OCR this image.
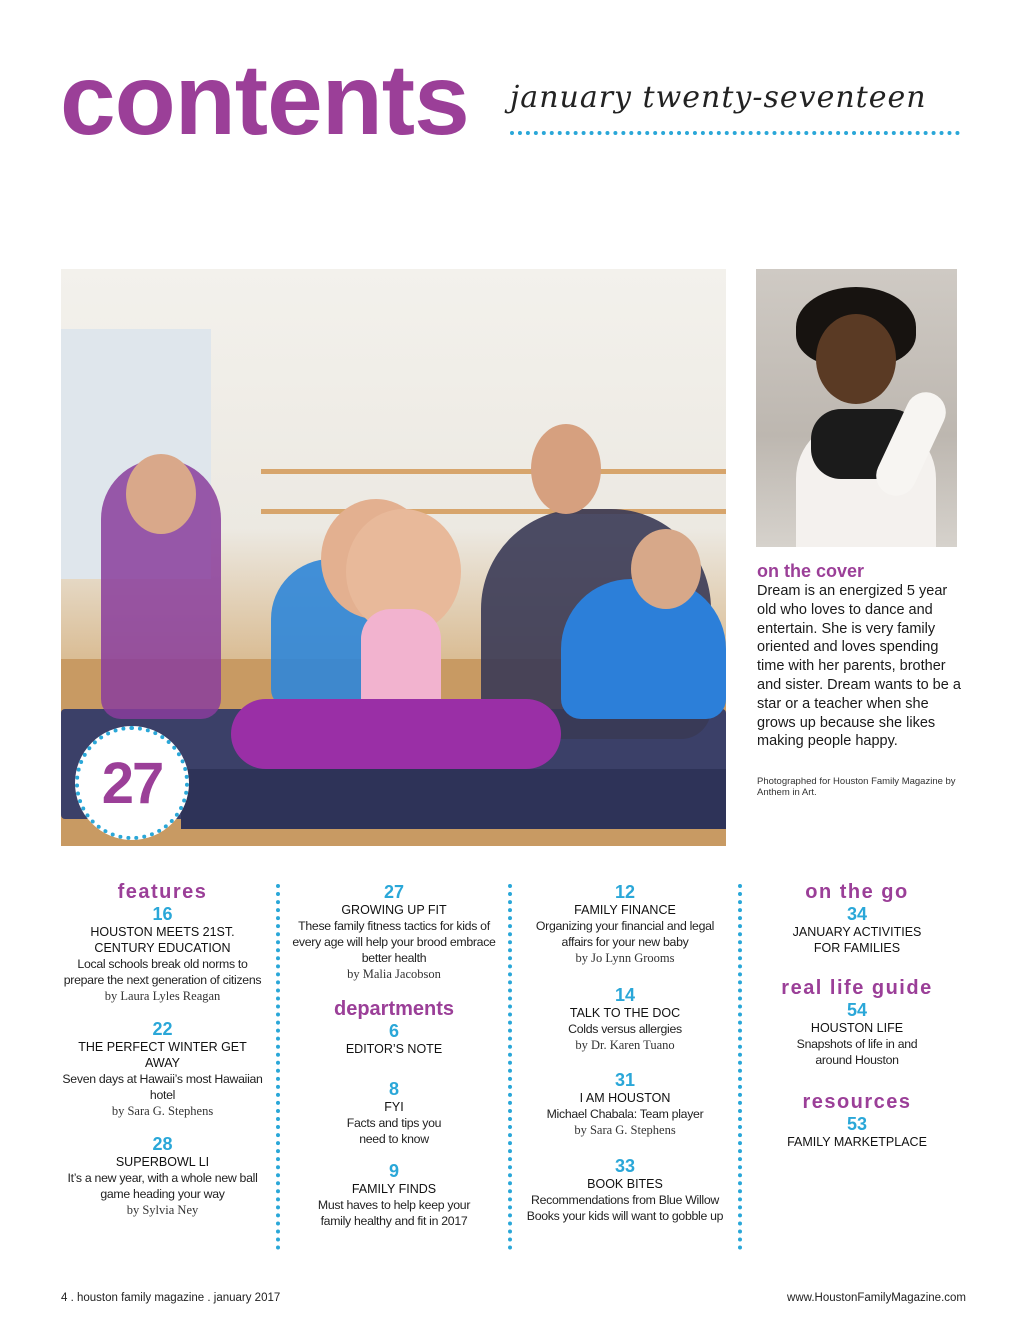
contents january twenty-seventeen
27
on the cover
Dream is an energized 5 year old who loves to dance and entertain. She is very family oriented and loves spending time with her parents, brother and sister. Dream wants to be a star or a teacher when she grows up because she likes making people happy.
Photographed for Houston Family Magazine by Anthem in Art.
features
16
HOUSTON MEETS 21ST. CENTURY EDUCATION
Local schools break old norms to prepare the next generation of citizens
by Laura Lyles Reagan
22
THE PERFECT WINTER GET AWAY
Seven days at Hawaii’s most Hawaiian hotel
by Sara G. Stephens
28
SUPERBOWL LI
It’s a new year, with a whole new ball game heading your way
by Sylvia Ney
27
GROWING UP FIT
These family fitness tactics for kids of every age will help your brood embrace better health
by Malia Jacobson
departments
6
EDITOR’S NOTE
8
FYI
Facts and tips you need to know
9
FAMILY FINDS
Must haves to help keep your family healthy and fit in 2017
12
FAMILY FINANCE
Organizing your financial and legal affairs for your new baby
by Jo Lynn Grooms
14
TALK TO THE DOC
Colds versus allergies
by Dr. Karen Tuano
31
I AM HOUSTON
Michael Chabala: Team player
by Sara G. Stephens
33
BOOK BITES
Recommendations from Blue Willow Books your kids will want to gobble up
on the go
34
JANUARY ACTIVITIES FOR FAMILIES
real life guide
54
HOUSTON LIFE
Snapshots of life in and around Houston
resources
53
FAMILY MARKETPLACE
4 . houston family magazine . january 2017	www.HoustonFamilyMagazine.com
